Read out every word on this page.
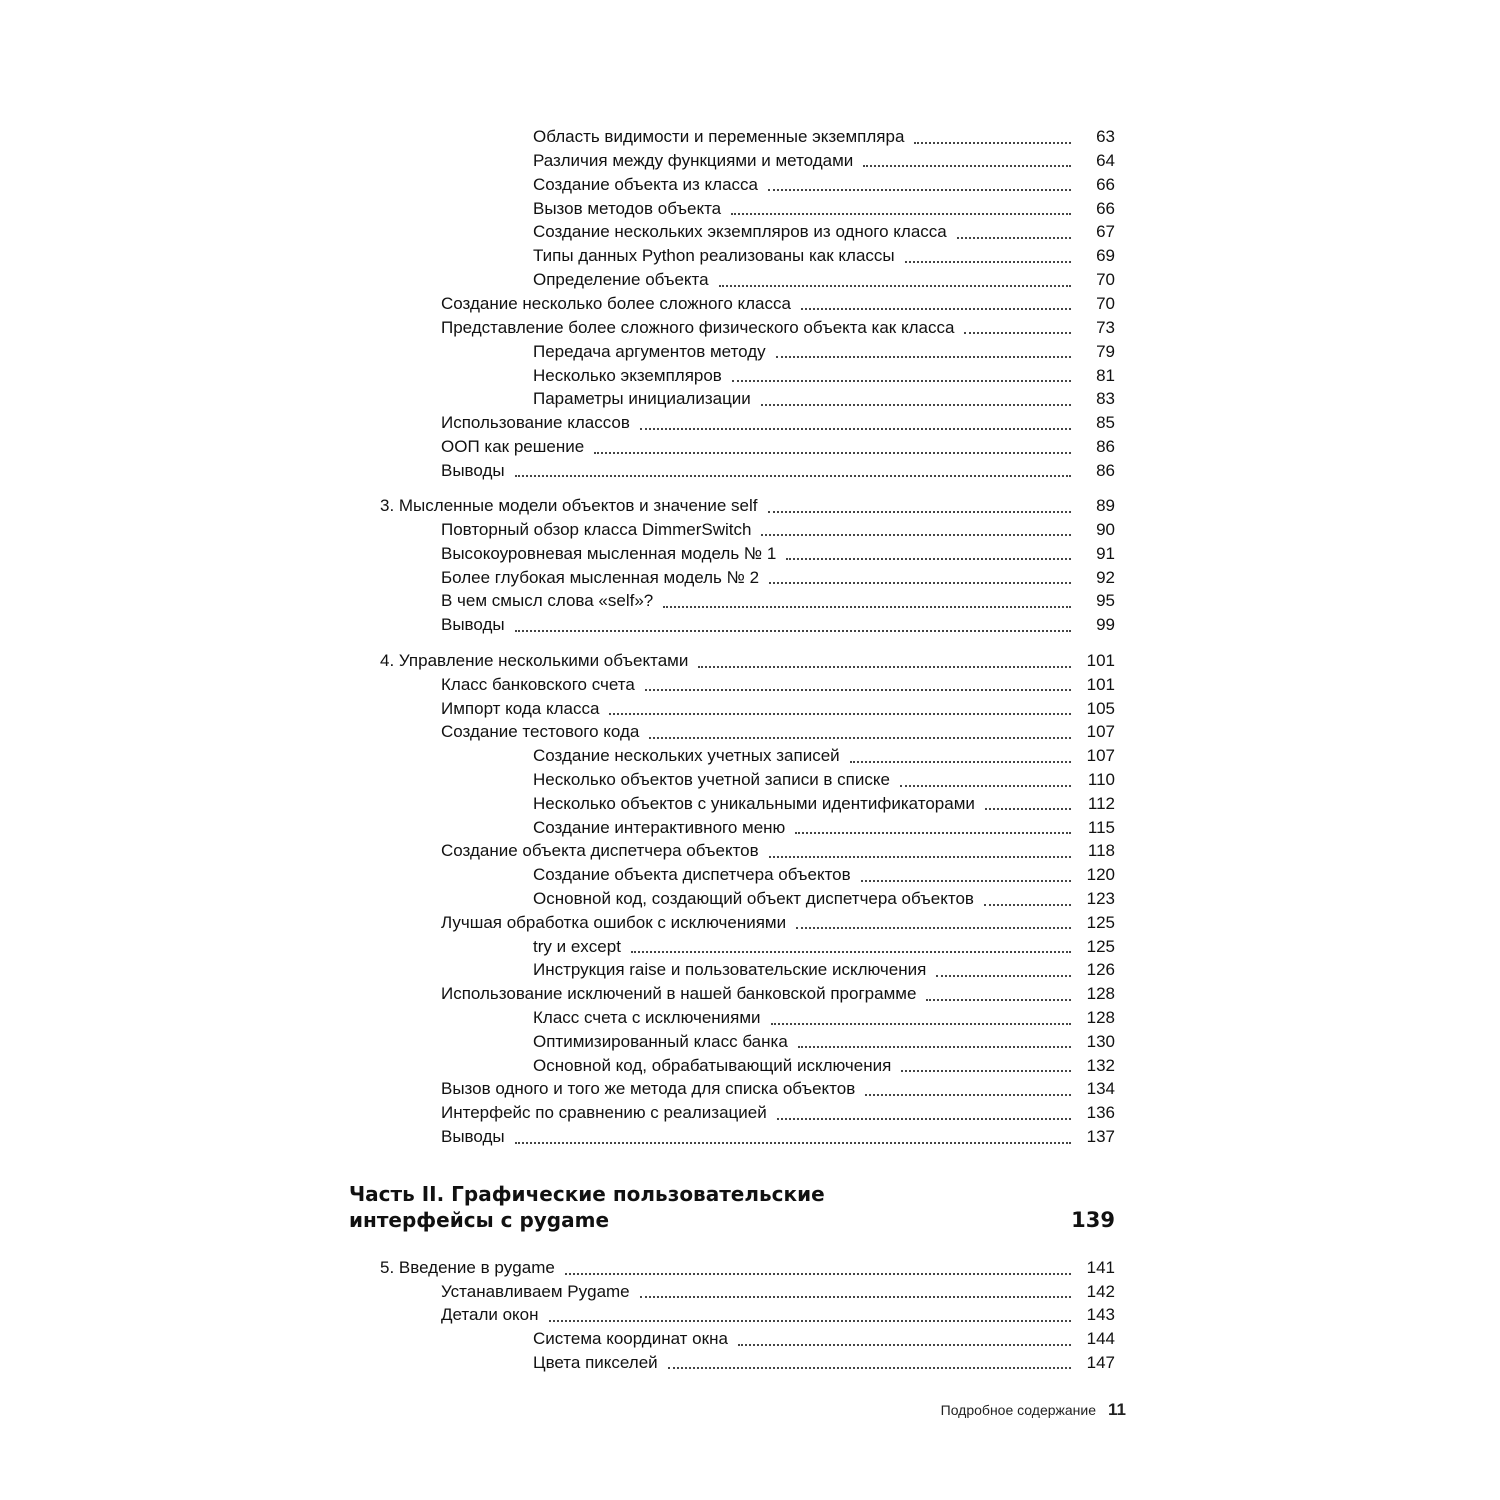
Область видимости и переменные экземпляра	63
Различия между функциями и методами	64
Создание объекта из класса	66
Вызов методов объекта	66
Создание нескольких экземпляров из одного класса	67
Типы данных Python реализованы как классы	69
Определение объекта	70
Создание несколько более сложного класса	70
Представление более сложного физического объекта как класса	73
Передача аргументов методу	79
Несколько экземпляров	81
Параметры инициализации	83
Использование классов	85
ООП как решение	86
Выводы	86
3. Мысленные модели объектов и значение self	89
Повторный обзор класса DimmerSwitch	90
Высокоуровневая мысленная модель № 1	91
Более глубокая мысленная модель № 2	92
В чем смысл слова «self»?	95
Выводы	99
4. Управление несколькими объектами	101
Класс банковского счета	101
Импорт кода класса	105
Создание тестового кода	107
Создание нескольких учетных записей	107
Несколько объектов учетной записи в списке	110
Несколько объектов с уникальными идентификаторами	112
Создание интерактивного меню	115
Создание объекта диспетчера объектов	118
Создание объекта диспетчера объектов	120
Основной код, создающий объект диспетчера объектов	123
Лучшая обработка ошибок с исключениями	125
try и except	125
Инструкция raise и пользовательские исключения	126
Использование исключений в нашей банковской программе	128
Класс счета с исключениями	128
Оптимизированный класс банка	130
Основной код, обрабатывающий исключения	132
Вызов одного и того же метода для списка объектов	134
Интерфейс по сравнению с реализацией	136
Выводы	137
Часть II. Графические пользовательские
интерфейсы с pygame	139
5. Введение в pygame	141
Устанавливаем Pygame	142
Детали окон	143
Система координат окна	144
Цвета пикселей	147
Подробное содержание 11
